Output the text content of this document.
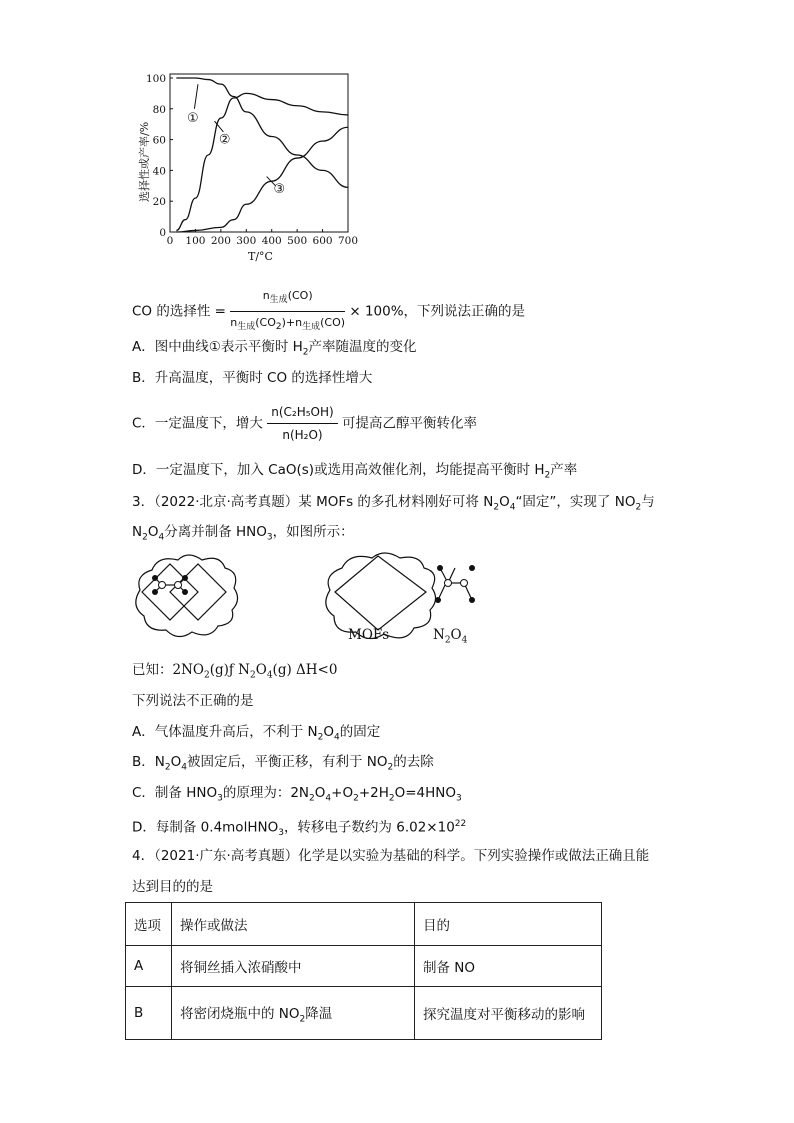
0 100 200 300 400 500 600 700
0
20
40
60
80
100
①
②
③
选择性或产率/%
T/°C
CO 的选择性 = $\frac{n_{生成}(CO)}{n_{生成}(CO_2)+n_{生成}(CO)} \times 100\%$，下列说法正确的是
A．图中曲线①表示平衡时 $H_2$产率随温度的变化
B．升高温度，平衡时 CO 的选择性增大
C．一定温度下，增大 $\frac{\text{n(C₂H₅OH)}}{\text{n(H₂O)}}$ 可提高乙醇平衡转化率
D．一定温度下，加入 CaO(s)或选用高效催化剂，均能提高平衡时 $H_2$产率
3．（2022·北京·高考真题）某 MOFs 的多孔材料刚好可将 $N_2O_4“$固定”，实现了 $NO_2$与
$N_2O_4$分离并制备 $HNO_3$，如图所示：
MOFs	$N_2O_4$
已知：$2NO_2(g)ƒ$ $N_2O_4(g)$ ΔH<0
下列说法不正确的是
A．气体温度升高后，不利于 $N_2O_4$的固定
B．$N_2O_4$被固定后，平衡正移，有利于 $NO_2$的去除
C．制备 $HNO_3$的原理为：$2N_2O_4+O_2+2H_2O=4HNO_3$
D．每制备 0.4molHNO$_3$，转移电子数约为 $6.02\times 10^{22}$
4．（2021·广东·高考真题）化学是以实验为基础的科学。下列实验操作或做法正确且能
达到目的的是
选项	操作或做法	目的
A	将铜丝插入浓硝酸中	制备 NO
B	将密闭烧瓶中的 $NO_2$降温	探究温度对平衡移动的影响
